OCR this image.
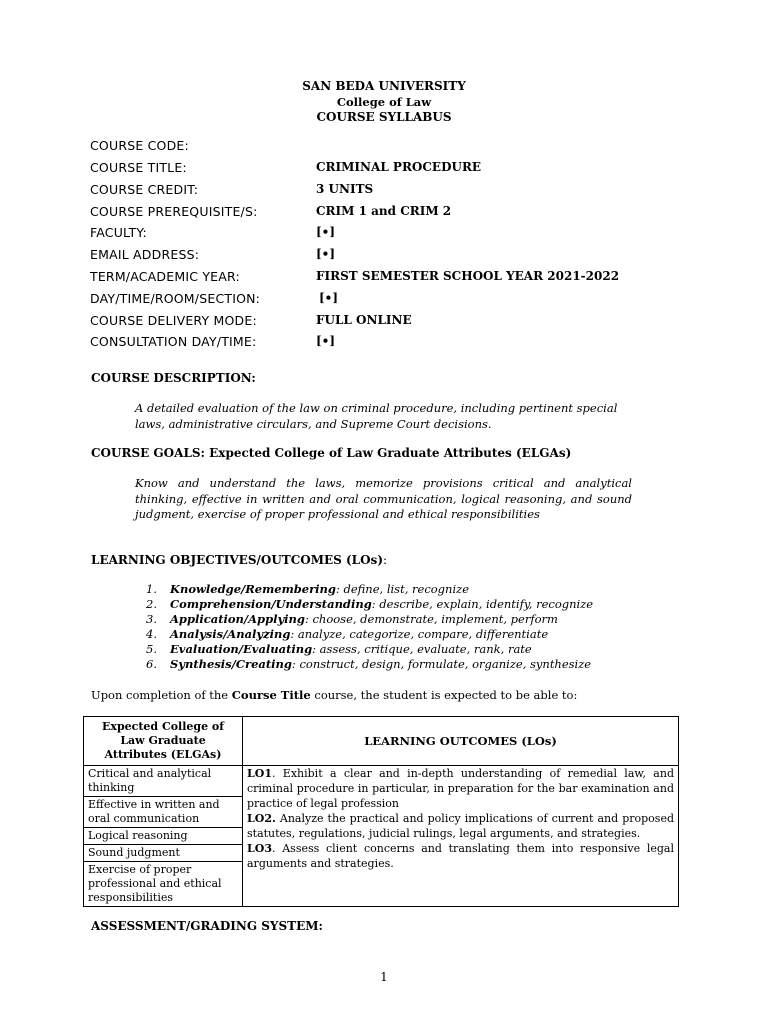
SAN BEDA UNIVERSITY
College of Law
COURSE SYLLABUS
COURSE CODE:
COURSE TITLE:	CRIMINAL PROCEDURE
COURSE CREDIT:	3 UNITS
COURSE PREREQUISITE/S:	CRIM 1 and CRIM 2
FACULTY:	[•]
EMAIL ADDRESS:	[•]
TERM/ACADEMIC YEAR:	FIRST SEMESTER SCHOOL YEAR 2021-2022
DAY/TIME/ROOM/SECTION:	[•]
COURSE DELIVERY MODE:	FULL ONLINE
CONSULTATION DAY/TIME:	[•]
COURSE DESCRIPTION:
A detailed evaluation of the law on criminal procedure, including pertinent special
laws, administrative circulars, and Supreme Court decisions.
COURSE GOALS: Expected College of Law Graduate Attributes (ELGAs)
Know and understand the laws, memorize provisions critical and analytical
thinking, effective in written and oral communication, logical reasoning, and sound
judgment, exercise of proper professional and ethical responsibilities
LEARNING OBJECTIVES/OUTCOMES (LOs):
1. Knowledge/Remembering: define, list, recognize
2. Comprehension/Understanding: describe, explain, identify, recognize
3. Application/Applying: choose, demonstrate, implement, perform
4. Analysis/Analyzing: analyze, categorize, compare, differentiate
5. Evaluation/Evaluating: assess, critique, evaluate, rank, rate
6. Synthesis/Creating: construct, design, formulate, organize, synthesize
Upon completion of the Course Title course, the student is expected to be able to:
Expected College of Law Graduate Attributes (ELGAs)	LEARNING OUTCOMES (LOs)
Critical and analytical thinking	LO1. Exhibit a clear and in-depth understanding of remedial law, and criminal procedure in particular, in preparation for the bar examination and practice of legal profession
LO2. Analyze the practical and policy implications of current and proposed statutes, regulations, judicial rulings, legal arguments, and strategies.
LO3. Assess client concerns and translating them into responsive legal arguments and strategies.

Effective in written and oral communication	
Logical reasoning	
Sound judgment	
Exercise of proper professional and ethical responsibilities	
ASSESSMENT/GRADING SYSTEM:
1
